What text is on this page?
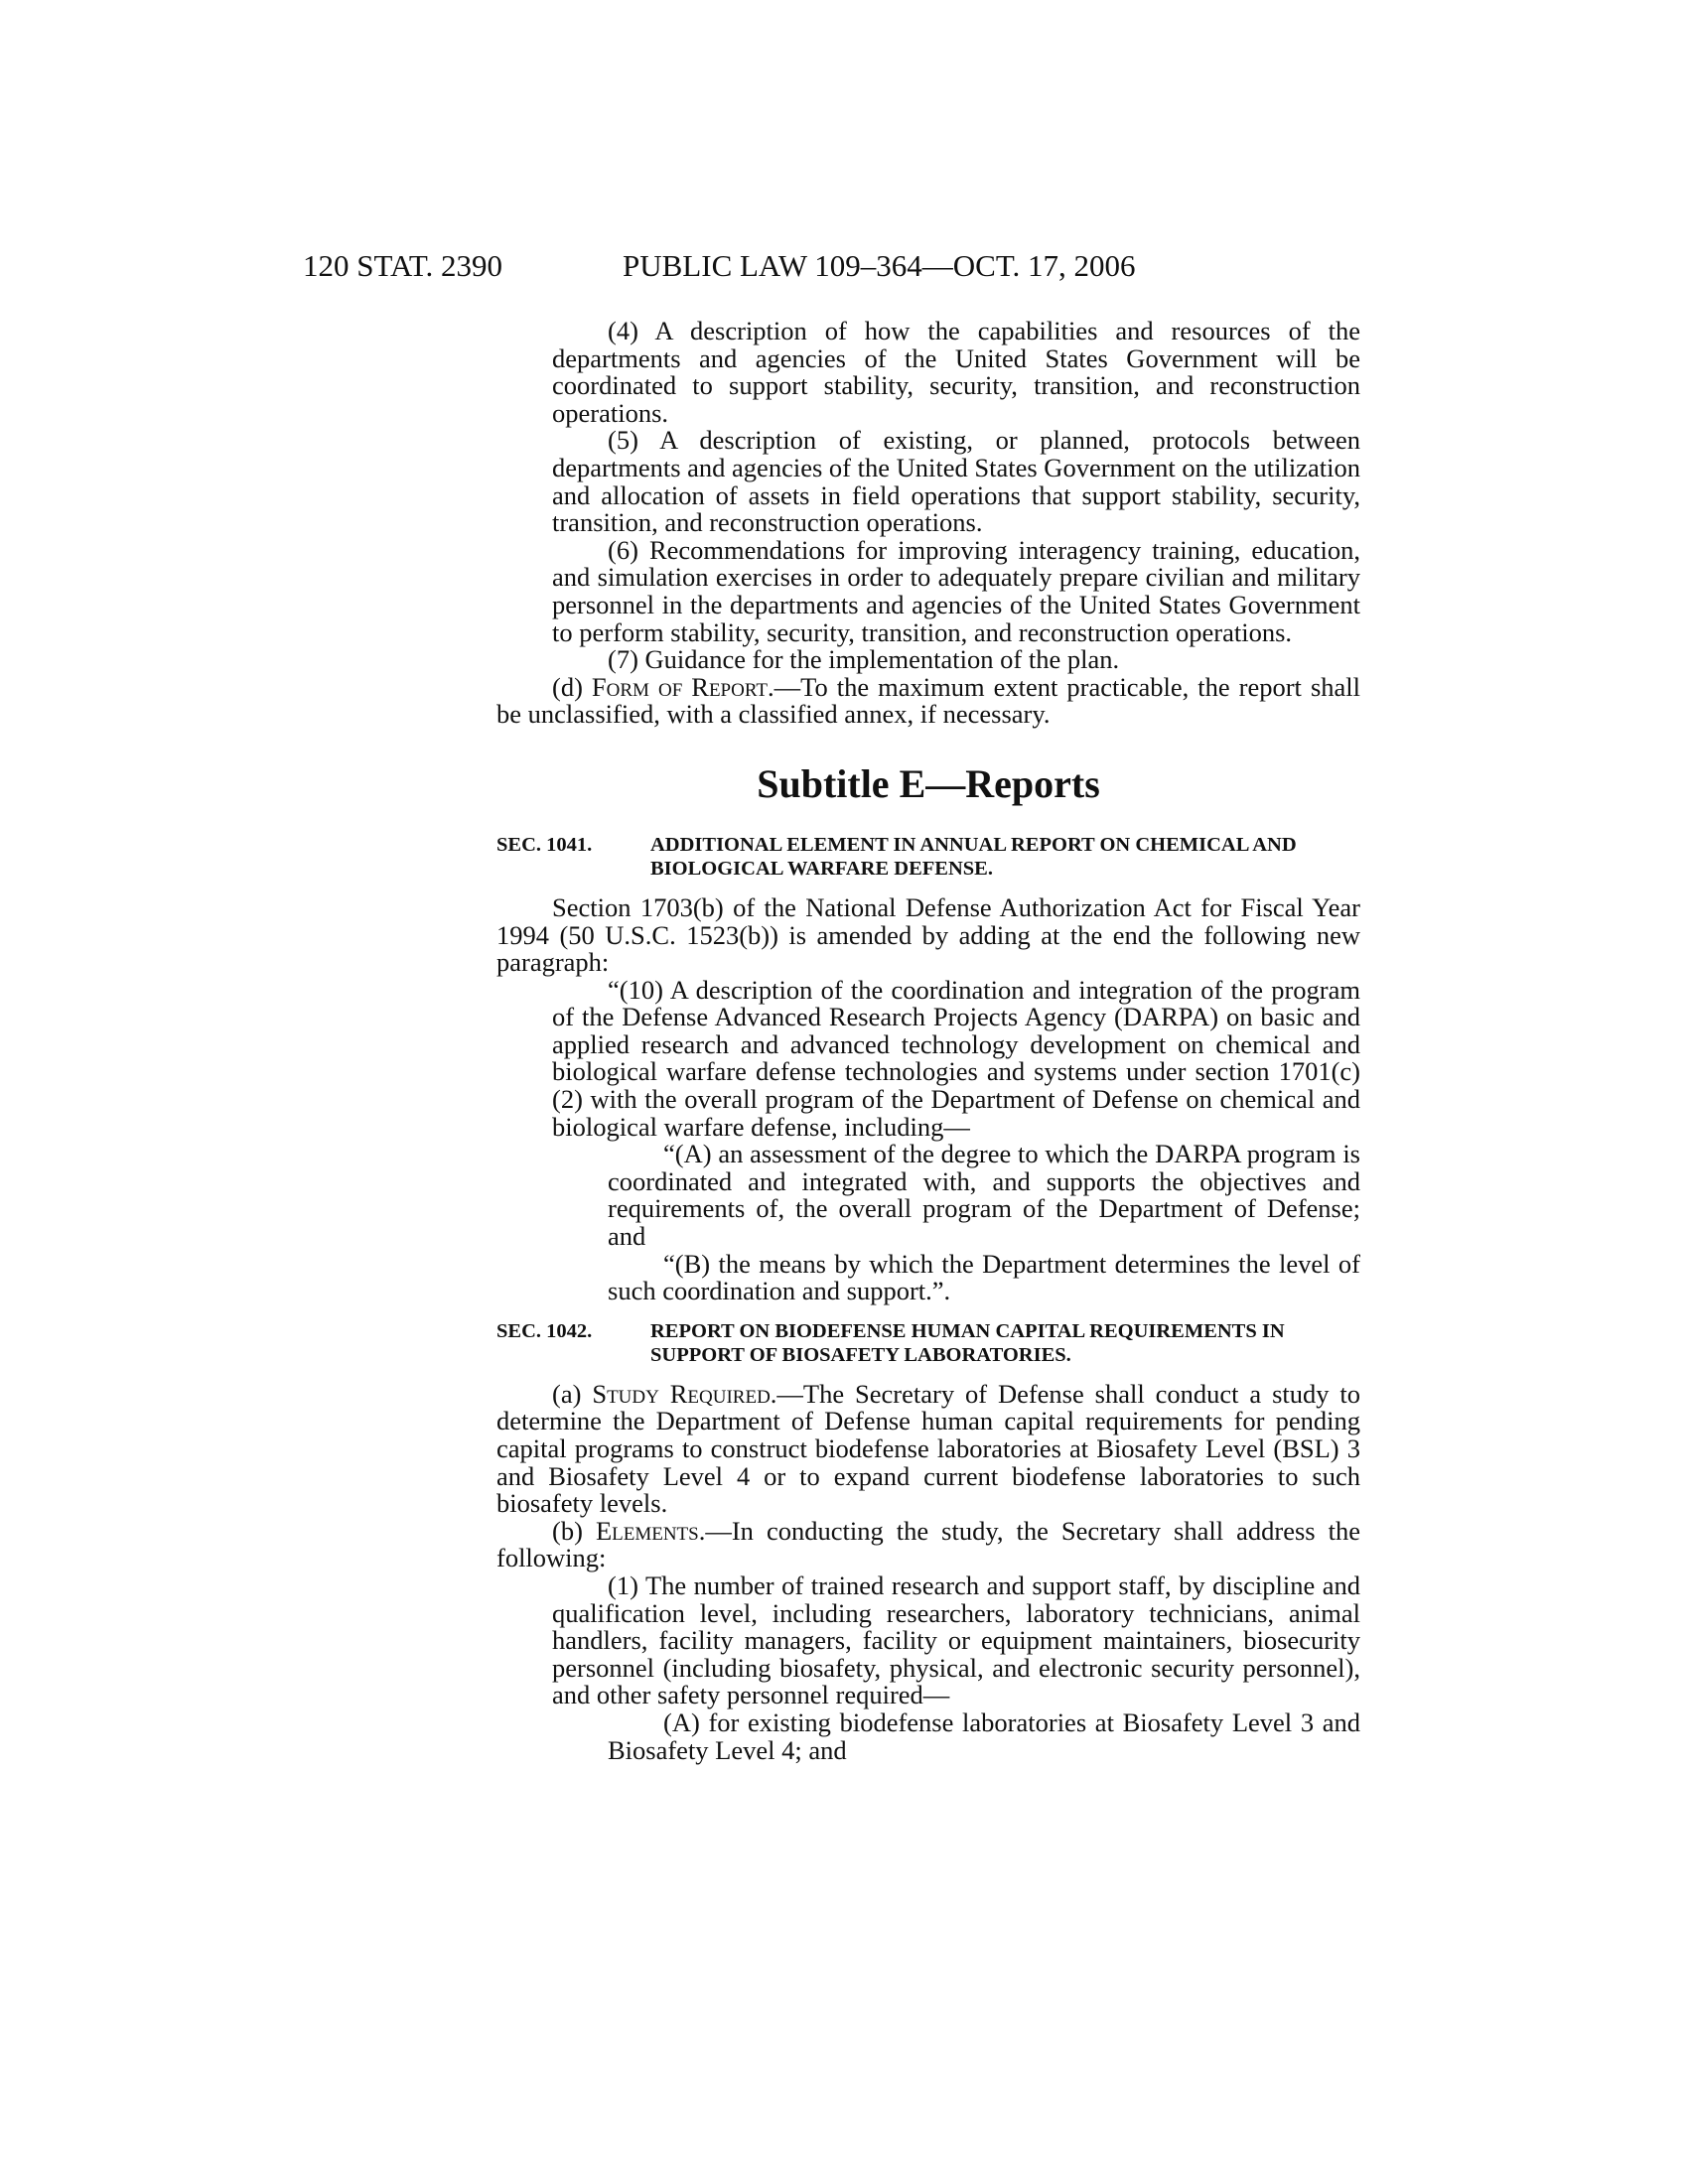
120 STAT. 2390	PUBLIC LAW 109–364—OCT. 17, 2006

(4) A description of how the capabilities and resources of the departments and agencies of the United States Government will be coordinated to support stability, security, transition, and reconstruction operations.

(5) A description of existing, or planned, protocols between departments and agencies of the United States Government on the utilization and allocation of assets in field operations that support stability, security, transition, and reconstruction operations.

(6) Recommendations for improving interagency training, education, and simulation exercises in order to adequately prepare civilian and military personnel in the departments and agencies of the United States Government to perform stability, security, transition, and reconstruction operations.

(7) Guidance for the implementation of the plan.

(d) Form of Report.—To the maximum extent practicable, the report shall be unclassified, with a classified annex, if necessary.

Subtitle E—Reports
SEC. 1041.	ADDITIONAL ELEMENT IN ANNUAL REPORT ON CHEMICAL AND BIOLOGICAL WARFARE DEFENSE.

Section 1703(b) of the National Defense Authorization Act for Fiscal Year 1994 (50 U.S.C. 1523(b)) is amended by adding at the end the following new paragraph:

“(10) A description of the coordination and integration of the program of the Defense Advanced Research Projects Agency (DARPA) on basic and applied research and advanced technology development on chemical and biological warfare defense technologies and systems under section 1701(c)(2) with the overall program of the Department of Defense on chemical and biological warfare defense, including—

“(A) an assessment of the degree to which the DARPA program is coordinated and integrated with, and supports the objectives and requirements of, the overall program of the Department of Defense; and

“(B) the means by which the Department determines the level of such coordination and support.”.

SEC. 1042.	REPORT ON BIODEFENSE HUMAN CAPITAL REQUIREMENTS IN SUPPORT OF BIOSAFETY LABORATORIES.

(a) Study Required.—The Secretary of Defense shall conduct a study to determine the Department of Defense human capital requirements for pending capital programs to construct biodefense laboratories at Biosafety Level (BSL) 3 and Biosafety Level 4 or to expand current biodefense laboratories to such biosafety levels.

(b) Elements.—In conducting the study, the Secretary shall address the following:

(1) The number of trained research and support staff, by discipline and qualification level, including researchers, laboratory technicians, animal handlers, facility managers, facility or equipment maintainers, biosecurity personnel (including biosafety, physical, and electronic security personnel), and other safety personnel required—

(A) for existing biodefense laboratories at Biosafety Level 3 and Biosafety Level 4; and
